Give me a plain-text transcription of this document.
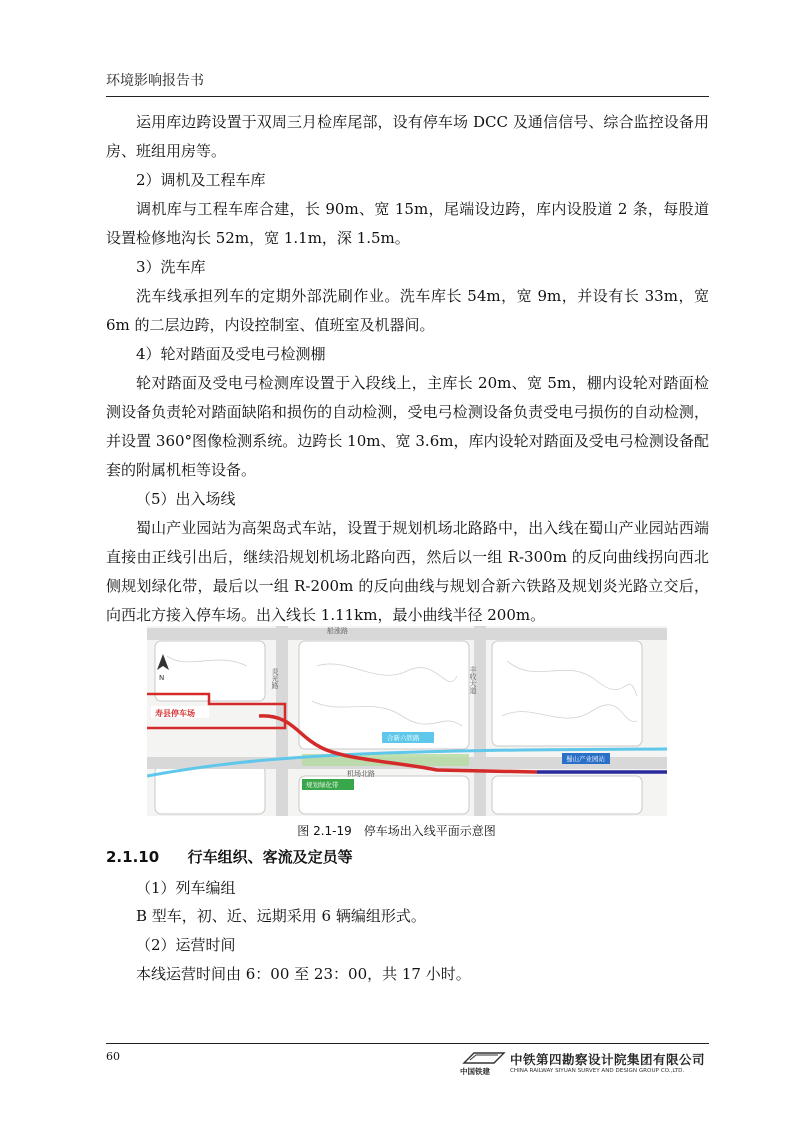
环境影响报告书

运用库边跨设置于双周三月检库尾部，设有停车场 DCC 及通信信号、综合监控设备用房、班组用房等。

2）调机及工程车库

调机库与工程车库合建，长 90m、宽 15m，尾端设边跨，库内设股道 2 条，每股道设置检修地沟长 52m，宽 1.1m，深 1.5m。

3）洗车库

洗车线承担列车的定期外部洗刷作业。洗车库长 54m，宽 9m，并设有长 33m，宽 6m 的二层边跨，内设控制室、值班室及机器间。

4）轮对踏面及受电弓检测棚

轮对踏面及受电弓检测库设置于入段线上，主库长 20m、宽 5m，棚内设轮对踏面检测设备负责轮对踏面缺陷和损伤的自动检测，受电弓检测设备负责受电弓损伤的自动检测，并设置 360°图像检测系统。边跨长 10m、宽 3.6m，库内设轮对踏面及受电弓检测设备配套的附属机柜等设备。

（5）出入场线

蜀山产业园站为高架岛式车站，设置于规划机场北路路中，出入线在蜀山产业园站西端直接由正线引出后，继续沿规划机场北路向西，然后以一组 R-300m 的反向曲线拐向西北侧规划绿化带，最后以一组 R-200m 的反向曲线与规划合新六铁路及规划炎光路立交后，向西北方接入停车场。出入线长 1.11km，最小曲线半径 200m。

船涨路
炎光路	丰收大道
寿县停车场
合新六铁路
机场北路
规划绿化带
蜀山产业园站
N
图 2.1-19　停车场出入线平面示意图
2.1.10 行车组织、客流及定员等

（1）列车编组

B 型车，初、近、远期采用 6 辆编组形式。

（2）运营时间

本线运营时间由 6：00 至 23：00，共 17 小时。

60
中国铁建
中铁第四勘察设计院集团有限公司
CHINA RAILWAY SIYUAN SURVEY AND DESIGN GROUP CO.,LTD.
